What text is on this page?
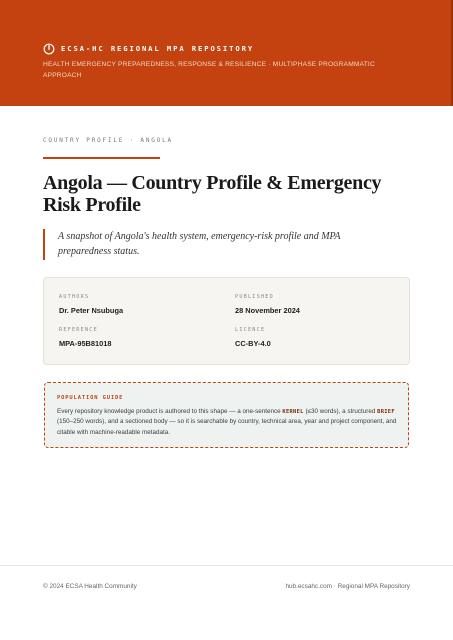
ECSA-HC REGIONAL MPA REPOSITORY
HEALTH EMERGENCY PREPAREDNESS, RESPONSE & RESILIENCE · MULTIPHASE PROGRAMMATIC APPROACH
COUNTRY PROFILE · ANGOLA
Angola — Country Profile & Emergency Risk Profile
A snapshot of Angola's health system, emergency-risk profile and MPA preparedness status.
AUTHORS
Dr. Peter Nsubuga
PUBLISHED
28 November 2024
REFERENCE
MPA-95B81018
LICENCE
CC-BY-4.0
POPULATION GUIDE
Every repository knowledge product is authored to this shape — a one-sentence KERNEL (≤30 words), a structured BRIEF (150–250 words), and a sectioned body — so it is searchable by country, technical area, year and project component, and citable with machine-readable metadata.
© 2024 ECSA Health Community	hub.ecsahc.com · Regional MPA Repository
